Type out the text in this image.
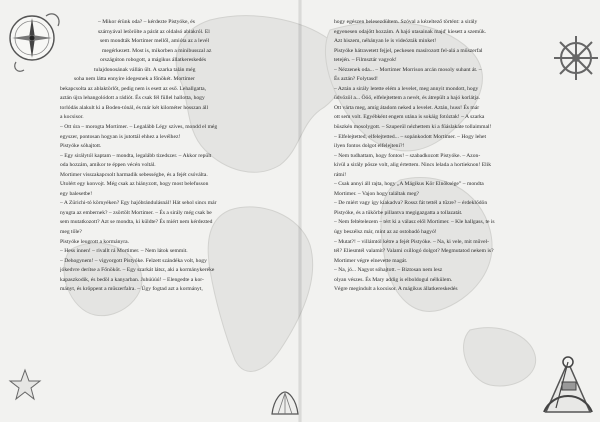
– Mikor érünk oda? – kérdezte Pistyóke, és

szárnyával letörölte a párát az oldalsó ablakról. El

sem mondták Mortimer mellől, amióta az a levél

megérkezett. Most is, mikorben a minibusszal az

országúton robogott, a mágikus állatkereskedés

tulajdonosának vállán ült. A szarka talán még

soha nem látta ennyire idegesnek a főnökét. Mortimer

bekapcsolta az ablaktörlőt, pedig nem is esett az eső. Lehallgatta,

aztán újra lehangolódott a rádiót. És csak fél füllel hallotta, hogy

torlódás alakult ki a Boden-tónál, és már két kilométer hosszan áll

a kocsisor.

– Ott úra – morogta Mortimer. – Legalább Légy szíves, mondd el még

egyszer, pontosan hogyan is jutottál ehhez a levélhez!

Pistyóke sóhajtott.

– Egy sirálytól kaptam – mondta, legalább tizedszer. – Akkor repült

oda hozzám, amikor te éppen vécén voltál.

Mortimer visszakapcsolt harmadik sebességbe, és a fejét csóválta.

Utolért egy konvojt. Még csak az hiányzott, hogy most belefusson

egy balesetbe!

– A Zürichi-tó környéken? Egy hajóbrándulásnál! Hát sehol sincs már

nyugta az embernek? – zsörtölt Mortimer. – És a sirály még csak be

sem mutatkozott? Azt se mondta, ki küldte? És miért nem kérdezted

meg tőle?

Pistyóke leugrott a kormányra.

– Hess innen! – rivallt rá Mortimer. – Nem látok semmit.

– Dehogynem! – vigyorgott Pistyóke. Felzett szándéka volt, hogy

jókedvre derítse a Főnököt. – Egy szarkát látsz, aki a kormánykeréke

kapaszkodik, és bedöl a kanyarban. Juhúúúú! – Elengedte a kor-

mányt, és kröppent a műszerfalra. – Úgy fogtad azt a kormányt,

hogy egészen belesezdültem. Szóval a kézeltező történt: a sirály

egyenesen odajött hozzám. A hajó utasainak majd' kiesett a szemük.

Azt hiszem, néhányan le is videózták minket!

Pistyóke hátravetett fejjel, peckesen masírozott fel-alá a műszerfal

tetején. – Filmsztár vagyok!

– Nézzenek oda... – Mortimer Morrison arcán mosoly suhant át. –

És aztán? Folytasd!

– Aztán a sirály letette elém a levelet, meg annyit mondott, hogy

üdvözöl a... Ööö, elfelejtettem a nevét, és átrepült a hajó korlátja.

Ott várta meg, amíg átadom neked a levelet. Aztán, huss! És már

ott sem volt. Egyébként engem utána is sokáig fotóztak! – A szarka

büszkén mosolygott. – Szuperül nézhettem ki a fűáslakáte tollaimmal!

– Elfelejtetted, elfelejtetted... – sopánkodott Mortimer. – Hogy lehet

ilyen fontos dolgot elfelejteni?!

– Nem tudhattam, hogy fontos! – szabadkozott Pistyóke. – Azon-

kívül a sirály pösze volt, alig értettem. Nincs lelada a hortieknon! Elik

rátni!

– Csak annyi áll rajta, hogy „A Mágikus Kör Elnöksége” – mondta

Mortimer. – Vajon hogy találtak meg?

– De miért vagy így kiakadva? Rossz fát tettél a tűzre? – érdeklődön

Pistyóke, és a tükörbe pillantva megigazgatta a tollazatát.

– Nem feltételezem – tért ki a válasz elől Mortimer. – Kle hallgass, te is

úgy beszélsz már, mint az az ostobadó hagyó!

– Mutat?! – villámtól kétre a fejét Pistyóke. – Na, ki vele, mit művel-

tél? Eliesmtél valamit? Valami csillogó dolgot? Megmutatod nekem is?

Mortimer végre elnevette magát.

– Na, jó... Nagyot sóhajtott. – Biztosan nem lesz

olyan vészes. És Mary addig is elboldogul nélkülem.

Végre megindult a kocsisor. A mágikus állatkereskedés
